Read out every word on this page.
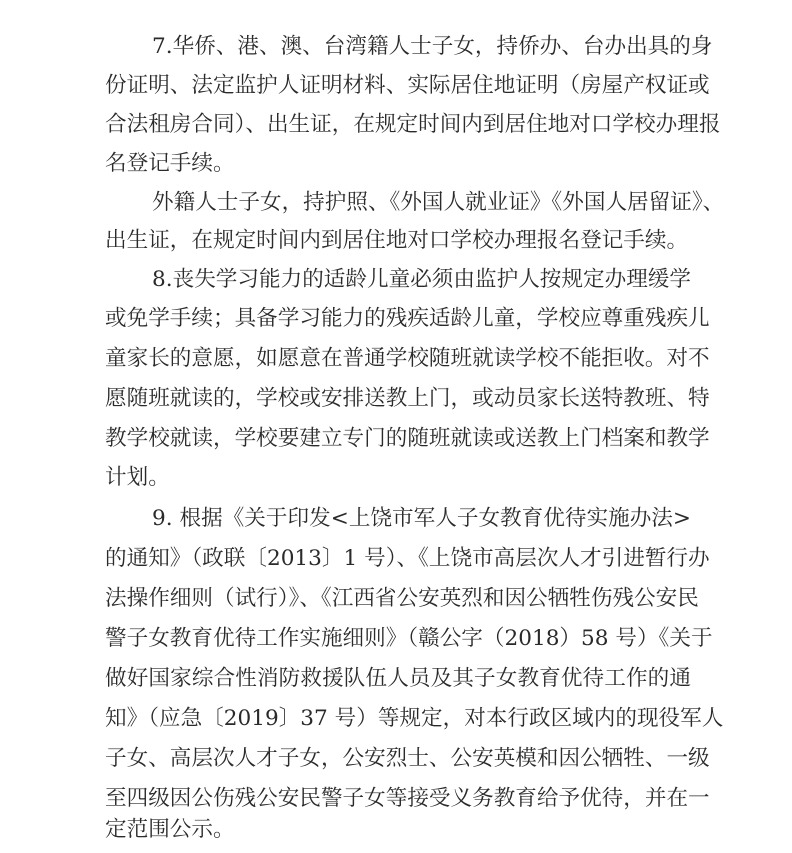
7.华侨、港、澳、台湾籍人士子女，持侨办、台办出具的身
份证明、法定监护人证明材料、实际居住地证明（房屋产权证或
合法租房合同）、出生证，在规定时间内到居住地对口学校办理报
名登记手续。
外籍人士子女，持护照、《外国人就业证》《外国人居留证》、
出生证，在规定时间内到居住地对口学校办理报名登记手续。
8.丧失学习能力的适龄儿童必须由监护人按规定办理缓学
或免学手续；具备学习能力的残疾适龄儿童，学校应尊重残疾儿
童家长的意愿，如愿意在普通学校随班就读学校不能拒收。对不
愿随班就读的，学校或安排送教上门，或动员家长送特教班、特
教学校就读，学校要建立专门的随班就读或送教上门档案和教学
计划。
9. 根据《关于印发<上饶市军人子女教育优待实施办法>
的通知》（政联〔2013〕1 号）、《上饶市高层次人才引进暂行办
法操作细则（试行）》、《江西省公安英烈和因公牺牲伤残公安民
警子女教育优待工作实施细则》（赣公字（2018）58 号）《关于
做好国家综合性消防救援队伍人员及其子女教育优待工作的通
知》（应急〔2019〕37 号）等规定，对本行政区域内的现役军人
子女、高层次人才子女，公安烈士、公安英模和因公牺牲、一级
至四级因公伤残公安民警子女等接受义务教育给予优待，并在一
定范围公示。
